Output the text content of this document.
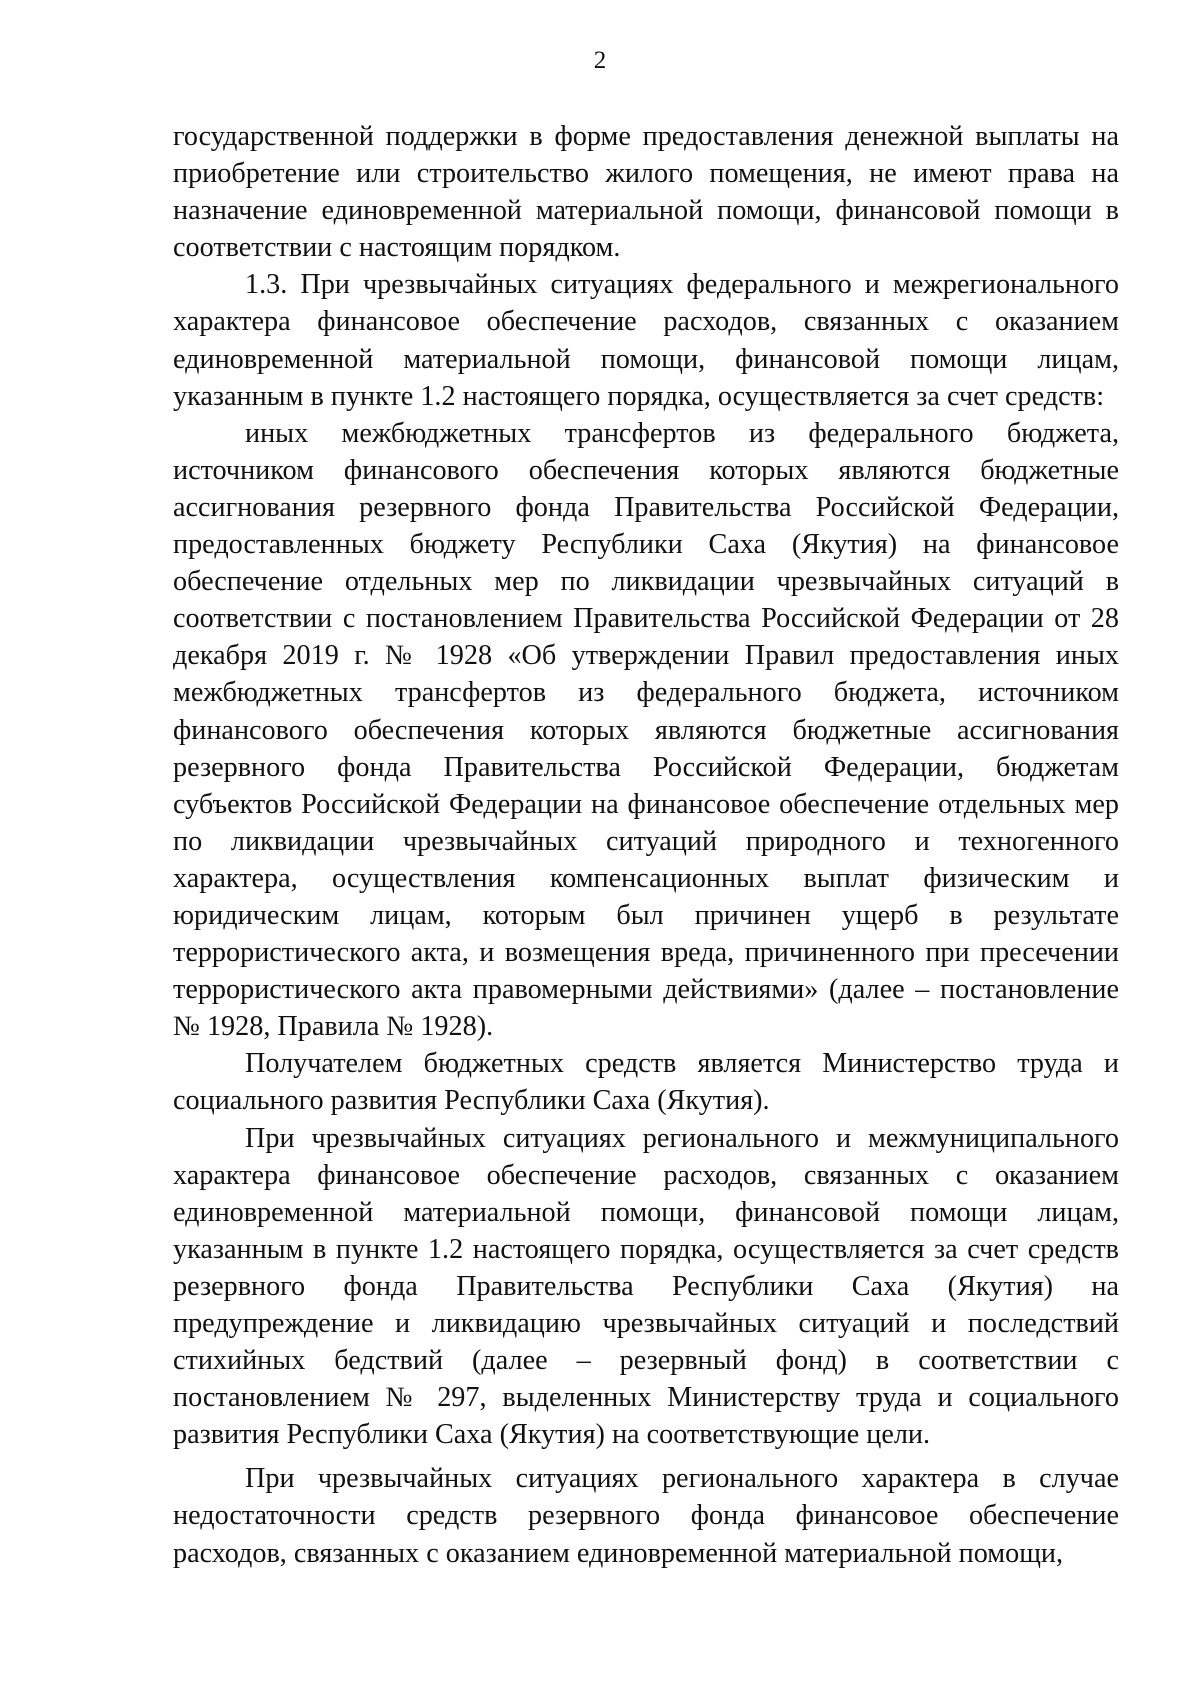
2

государственной поддержки в форме предоставления денежной выплаты на приобретение или строительство жилого помещения, не имеют права на назначение единовременной материальной помощи, финансовой помощи в соответствии с настоящим порядком.

1.3. При чрезвычайных ситуациях федерального и межрегионального характера финансовое обеспечение расходов, связанных с оказанием единовременной материальной помощи, финансовой помощи лицам, указанным в пункте 1.2 настоящего порядка, осуществляется за счет средств:

иных межбюджетных трансфертов из федерального бюджета, источником финансового обеспечения которых являются бюджетные ассигнования резервного фонда Правительства Российской Федерации, предоставленных бюджету Республики Саха (Якутия) на финансовое обеспечение отдельных мер по ликвидации чрезвычайных ситуаций в соответствии с постановлением Правительства Российской Федерации от 28 декабря 2019 г. № 1928 «Об утверждении Правил предоставления иных межбюджетных трансфертов из федерального бюджета, источником финансового обеспечения которых являются бюджетные ассигнования резервного фонда Правительства Российской Федерации, бюджетам субъектов Российской Федерации на финансовое обеспечение отдельных мер по ликвидации чрезвычайных ситуаций природного и техногенного характера, осуществления компенсационных выплат физическим и юридическим лицам, которым был причинен ущерб в результате террористического акта, и возмещения вреда, причиненного при пресечении террористического акта правомерными действиями» (далее – постановление № 1928, Правила № 1928).

Получателем бюджетных средств является Министерство труда и социального развития Республики Саха (Якутия).

При чрезвычайных ситуациях регионального и межмуниципального характера финансовое обеспечение расходов, связанных с оказанием единовременной материальной помощи, финансовой помощи лицам, указанным в пункте 1.2 настоящего порядка, осуществляется за счет средств резервного фонда Правительства Республики Саха (Якутия) на предупреждение и ликвидацию чрезвычайных ситуаций и последствий стихийных бедствий (далее – резервный фонд) в соответствии с постановлением № 297, выделенных Министерству труда и социального развития Республики Саха (Якутия) на соответствующие цели.

При чрезвычайных ситуациях регионального характера в случае недостаточности средств резервного фонда финансовое обеспечение расходов, связанных с оказанием единовременной материальной помощи,
